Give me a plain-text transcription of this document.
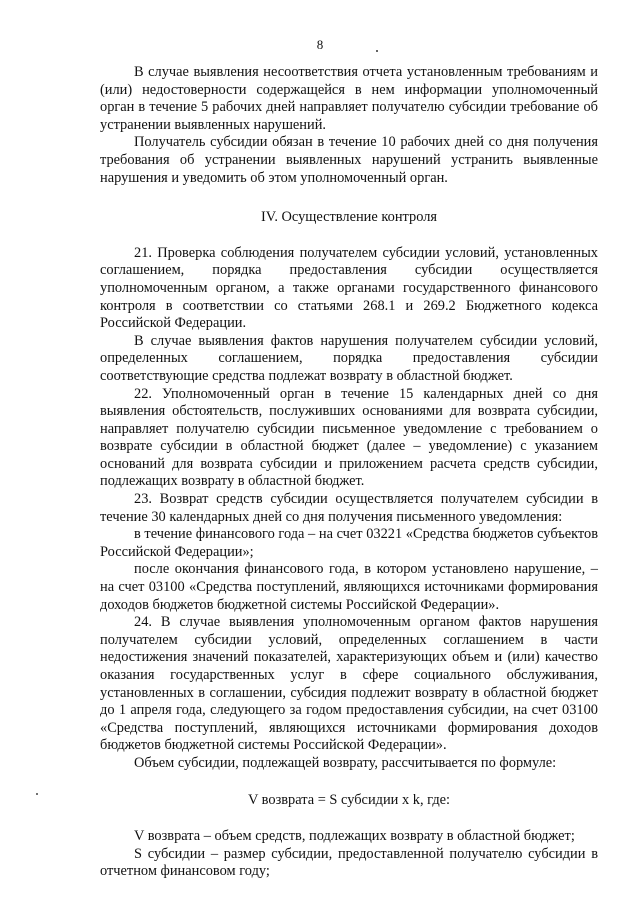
8

В случае выявления несоответствия отчета установленным требованиям и (или) недостоверности содержащейся в нем информации уполномоченный орган в течение 5 рабочих дней направляет получателю субсидии требование об устранении выявленных нарушений.

Получатель субсидии обязан в течение 10 рабочих дней со дня получения требования об устранении выявленных нарушений устранить выявленные нарушения и уведомить об этом уполномоченный орган.

IV. Осуществление контроля

21. Проверка соблюдения получателем субсидии условий, установленных соглашением, порядка предоставления субсидии осуществляется уполномоченным органом, а также органами государственного финансового контроля в соответствии со статьями 268.1 и 269.2 Бюджетного кодекса Российской Федерации.

В случае выявления фактов нарушения получателем субсидии условий, определенных соглашением, порядка предоставления субсидии соответствующие средства подлежат возврату в областной бюджет.

22. Уполномоченный орган в течение 15 календарных дней со дня выявления обстоятельств, послуживших основаниями для возврата субсидии, направляет получателю субсидии письменное уведомление с требованием о возврате субсидии в областной бюджет (далее – уведомление) с указанием оснований для возврата субсидии и приложением расчета средств субсидии, подлежащих возврату в областной бюджет.

23. Возврат средств субсидии осуществляется получателем субсидии в течение 30 календарных дней со дня получения письменного уведомления:

в течение финансового года – на счет 03221 «Средства бюджетов субъектов Российской Федерации»;

после окончания финансового года, в котором установлено нарушение, – на счет 03100 «Средства поступлений, являющихся источниками формирования доходов бюджетов бюджетной системы Российской Федерации».

24. В случае выявления уполномоченным органом фактов нарушения получателем субсидии условий, определенных соглашением в части недостижения значений показателей, характеризующих объем и (или) качество оказания государственных услуг в сфере социального обслуживания, установленных в соглашении, субсидия подлежит возврату в областной бюджет до 1 апреля года, следующего за годом предоставления субсидии, на счет 03100 «Средства поступлений, являющихся источниками формирования доходов бюджетов бюджетной системы Российской Федерации».

Объем субсидии, подлежащей возврату, рассчитывается по формуле:

V возврата = S субсидии x k, где:

V возврата – объем средств, подлежащих возврату в областной бюджет;

S субсидии – размер субсидии, предоставленной получателю субсидии в отчетном финансовом году;
